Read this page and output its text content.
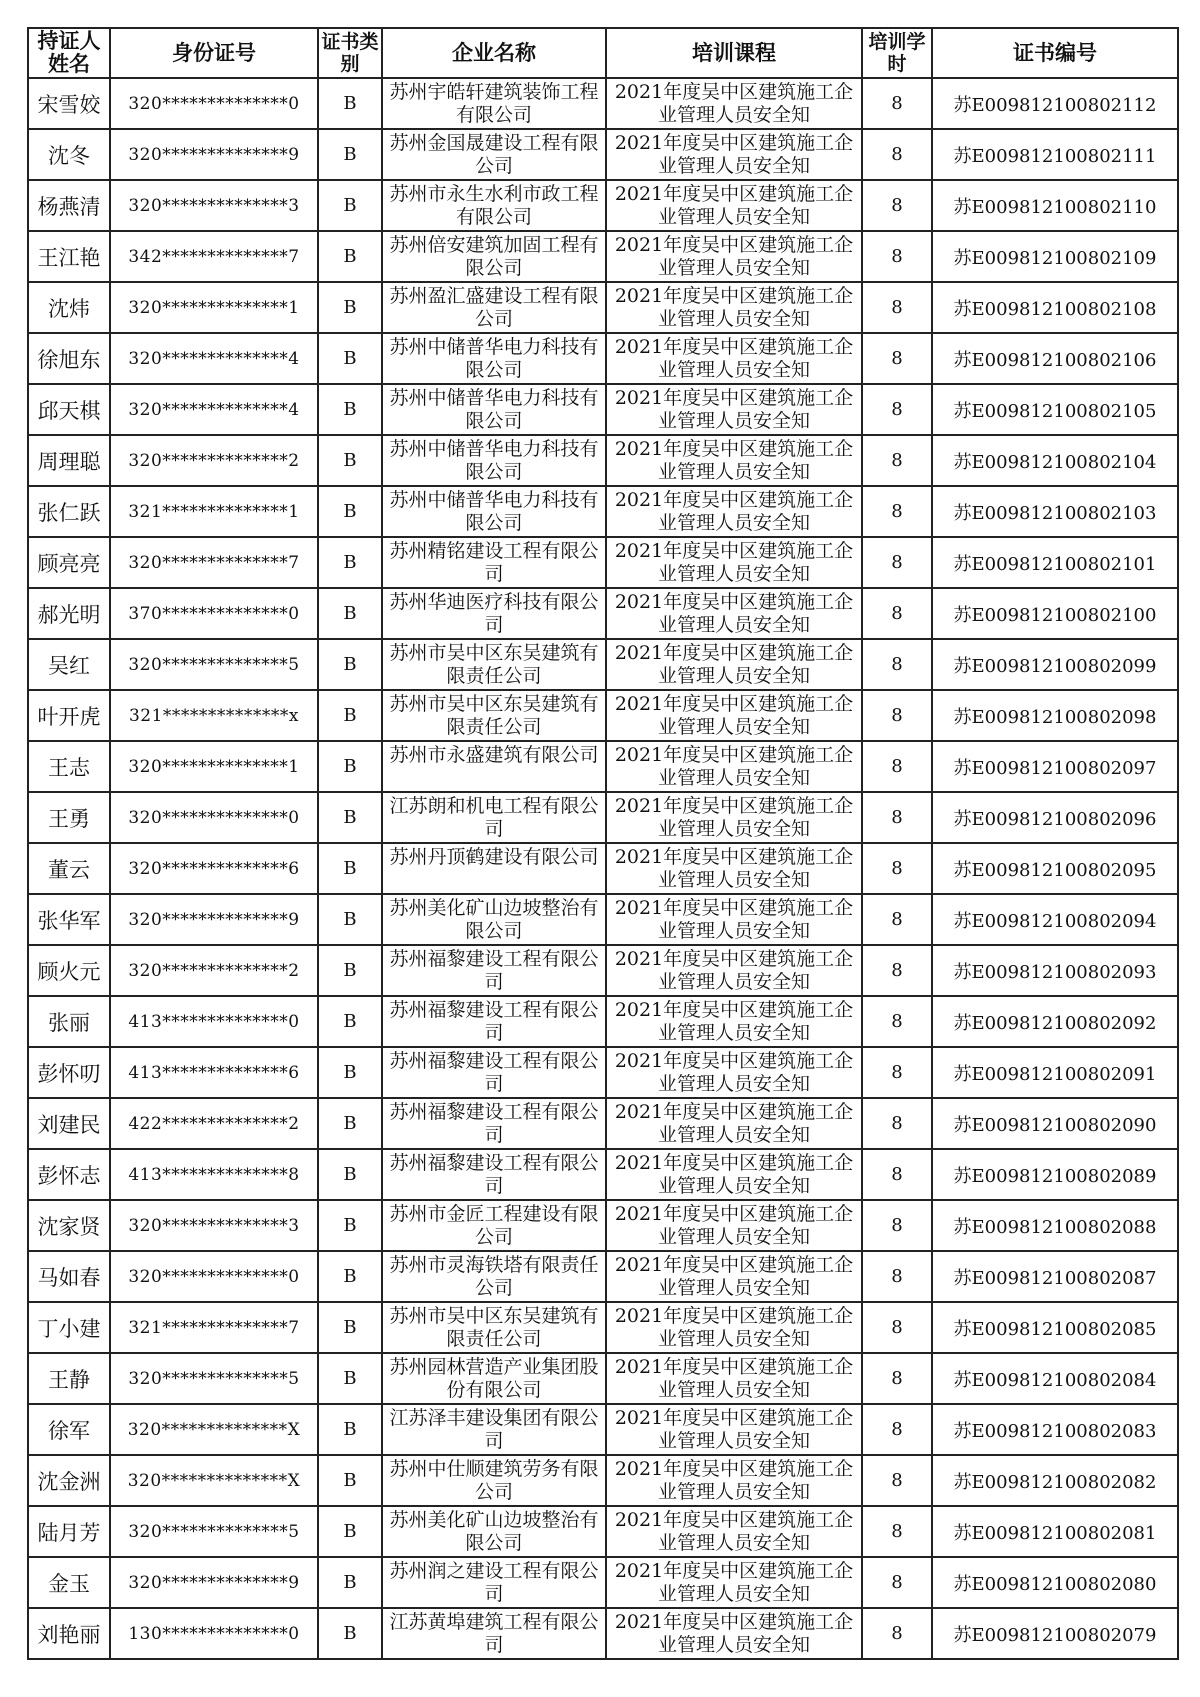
持证人姓名	身份证号	证书类别	企业名称	培训课程	培训学时	证书编号
宋雪姣	320**************0	B	苏州宇皓轩建筑装饰工程有限公司	2021年度吴中区建筑施工企业管理人员安全知	8	苏E009812100802112
沈冬	320**************9	B	苏州金国晟建设工程有限公司	2021年度吴中区建筑施工企业管理人员安全知	8	苏E009812100802111
杨燕清	320**************3	B	苏州市永生水利市政工程有限公司	2021年度吴中区建筑施工企业管理人员安全知	8	苏E009812100802110
王江艳	342**************7	B	苏州倍安建筑加固工程有限公司	2021年度吴中区建筑施工企业管理人员安全知	8	苏E009812100802109
沈炜	320**************1	B	苏州盈汇盛建设工程有限公司	2021年度吴中区建筑施工企业管理人员安全知	8	苏E009812100802108
徐旭东	320**************4	B	苏州中储普华电力科技有限公司	2021年度吴中区建筑施工企业管理人员安全知	8	苏E009812100802106
邱天棋	320**************4	B	苏州中储普华电力科技有限公司	2021年度吴中区建筑施工企业管理人员安全知	8	苏E009812100802105
周理聪	320**************2	B	苏州中储普华电力科技有限公司	2021年度吴中区建筑施工企业管理人员安全知	8	苏E009812100802104
张仁跃	321**************1	B	苏州中储普华电力科技有限公司	2021年度吴中区建筑施工企业管理人员安全知	8	苏E009812100802103
顾亮亮	320**************7	B	苏州精铭建设工程有限公司	2021年度吴中区建筑施工企业管理人员安全知	8	苏E009812100802101
郝光明	370**************0	B	苏州华迪医疗科技有限公司	2021年度吴中区建筑施工企业管理人员安全知	8	苏E009812100802100
吴红	320**************5	B	苏州市吴中区东吴建筑有限责任公司	2021年度吴中区建筑施工企业管理人员安全知	8	苏E009812100802099
叶开虎	321**************x	B	苏州市吴中区东吴建筑有限责任公司	2021年度吴中区建筑施工企业管理人员安全知	8	苏E009812100802098
王志	320**************1	B	苏州市永盛建筑有限公司	2021年度吴中区建筑施工企业管理人员安全知	8	苏E009812100802097
王勇	320**************0	B	江苏朗和机电工程有限公司	2021年度吴中区建筑施工企业管理人员安全知	8	苏E009812100802096
董云	320**************6	B	苏州丹顶鹤建设有限公司	2021年度吴中区建筑施工企业管理人员安全知	8	苏E009812100802095
张华军	320**************9	B	苏州美化矿山边坡整治有限公司	2021年度吴中区建筑施工企业管理人员安全知	8	苏E009812100802094
顾火元	320**************2	B	苏州福黎建设工程有限公司	2021年度吴中区建筑施工企业管理人员安全知	8	苏E009812100802093
张丽	413**************0	B	苏州福黎建设工程有限公司	2021年度吴中区建筑施工企业管理人员安全知	8	苏E009812100802092
彭怀叨	413**************6	B	苏州福黎建设工程有限公司	2021年度吴中区建筑施工企业管理人员安全知	8	苏E009812100802091
刘建民	422**************2	B	苏州福黎建设工程有限公司	2021年度吴中区建筑施工企业管理人员安全知	8	苏E009812100802090
彭怀志	413**************8	B	苏州福黎建设工程有限公司	2021年度吴中区建筑施工企业管理人员安全知	8	苏E009812100802089
沈家贤	320**************3	B	苏州市金匠工程建设有限公司	2021年度吴中区建筑施工企业管理人员安全知	8	苏E009812100802088
马如春	320**************0	B	苏州市灵海铁塔有限责任公司	2021年度吴中区建筑施工企业管理人员安全知	8	苏E009812100802087
丁小建	321**************7	B	苏州市吴中区东吴建筑有限责任公司	2021年度吴中区建筑施工企业管理人员安全知	8	苏E009812100802085
王静	320**************5	B	苏州园林营造产业集团股份有限公司	2021年度吴中区建筑施工企业管理人员安全知	8	苏E009812100802084
徐军	320**************X	B	江苏泽丰建设集团有限公司	2021年度吴中区建筑施工企业管理人员安全知	8	苏E009812100802083
沈金洲	320**************X	B	苏州中仕顺建筑劳务有限公司	2021年度吴中区建筑施工企业管理人员安全知	8	苏E009812100802082
陆月芳	320**************5	B	苏州美化矿山边坡整治有限公司	2021年度吴中区建筑施工企业管理人员安全知	8	苏E009812100802081
金玉	320**************9	B	苏州润之建设工程有限公司	2021年度吴中区建筑施工企业管理人员安全知	8	苏E009812100802080
刘艳丽	130**************0	B	江苏黄埠建筑工程有限公司	2021年度吴中区建筑施工企业管理人员安全知	8	苏E009812100802079
